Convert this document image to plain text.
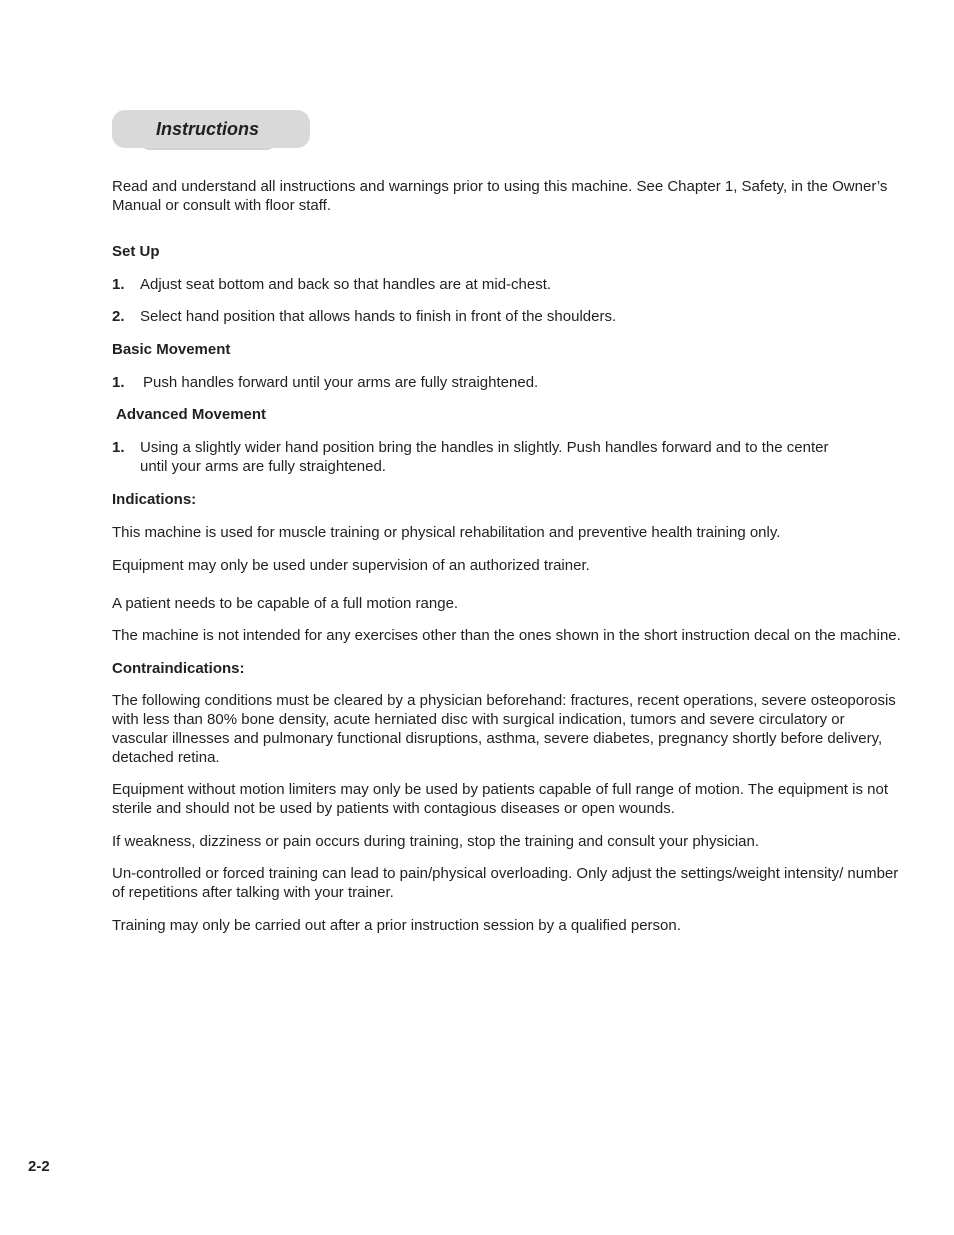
Instructions

Read and understand all instructions and warnings prior to using this machine. See Chapter 1, Safety, in the Owner’s Manual or consult with floor staff.

Set Up

1. Adjust seat bottom and back so that handles are at mid-chest.
2. Select hand position that allows hands to finish in front of the shoulders.

Basic Movement

1. Push handles forward until your arms are fully straightened.

Advanced Movement

1. Using a slightly wider hand position bring the handles in slightly. Push handles forward and to the center until your arms are fully straightened.

Indications:

This machine is used for muscle training or physical rehabilitation and preventive health training only.

Equipment may only be used under supervision of an authorized trainer.

A patient needs to be capable of a full motion range.

The machine is not intended for any exercises other than the ones shown in the short instruction decal on the machine.

Contraindications:

The following conditions must be cleared by a physician beforehand: fractures, recent operations, severe osteoporosis with less than 80% bone density, acute herniated disc with surgical indication, tumors and severe circulatory or vascular illnesses and pulmonary functional disruptions, asthma, severe diabetes, pregnancy shortly before delivery, detached retina.

Equipment without motion limiters may only be used by patients capable of full range of motion. The equipment is not sterile and should not be used by patients with contagious diseases or open wounds.

If weakness, dizziness or pain occurs during training, stop the training and consult your physician.

Un-controlled or forced training can lead to pain/physical overloading. Only adjust the settings/weight intensity/ number of repetitions after talking with your trainer.

Training may only be carried out after a prior instruction session by a qualified person.

2-2
